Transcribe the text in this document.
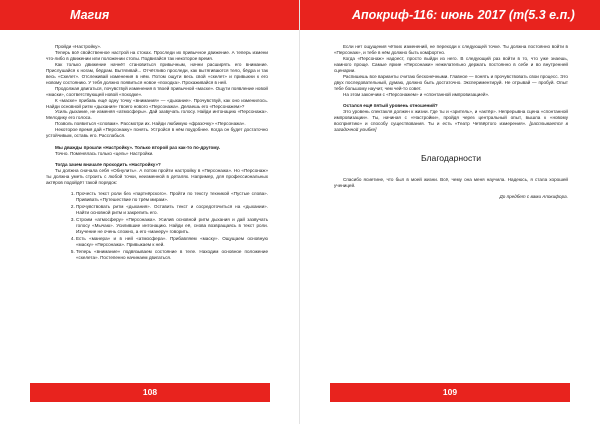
Магия

Пройди «Настройку».

Теперь всё свойственное настрой на стоках. Проследи их привычное движение. А теперь измени что-либо в движении или положении стопы. Подвигайся так некоторое время.

Как только движение начнёт становиться привычным, начни расширять его внимание. Прислушайся к ногам, бёдрам. Вытягивай... Отчётливо проследи, как вытягиваются тело, бёдра и так весь «Скелет». Отслеживай изменения в нём. Потом ощути весь свой «скелет» и привыкни к его новому состоянию. У тебя должно появиться новое «походка». Прохаживайся в ней.

Продолжая двигаться, почувствуй изменения в твоей привычной «маске». Ощути появление новой «маски», соответствующей новой «походке».

К «маске» прибавь ещё одну точку «внимания» — «дыхание». Прочувствуй, как оно изменилось. Найди основной ритм «дыхания» твоего нового «Персонажа». Делаешь его «Персонажем»?

Усиль дыхание, не изменяя «атмосферы». Дай зазвучать голосу. Найди интонацию «Персонажа». Мелодику его голоса.

Позволь появиться «словам». Рассмотри их. Найди любимую «фразочку» «Персонажа».

Некоторое время дай «Персонажу» понять. Устройся в нём поудобнее. Когда он будет достаточно устойчивым, оставь его. Расслабься.

Мы дважды прошли «Настройку». Только второй раз как-то по-другому.

Точно. Поменялась только «цель» Настройки.

Тогда зачем вначале проходить «Настройку»?

Ты должна сначала себя «Обнулить». А потом пройти настройку в «Персонажа». Но «Персонаж» ты должна уметь строить с любой точки, неизменной в деталях. Например, для профессиональных актёров подойдёт такой порядок:

1. Прочесть текст роли без «партнёрского». Пройти по тексту техникой «Пустые слова». Прививать «Путешествие по трём мирам».
2. Прочувствовать ритм «дыхания». Оставить текст и сосредоточиться на «дыхании». Найти основной ритм и закрепить его.
3. Строим «атмосферу» «Персонажа». Усилив основной ритм дыхания и дай зазвучать голосу «Мычаю». Усилившие интонацию. Найди её, снова возвращаясь в текст роли. Изучение не очень сложно, а его «манеру» говорить.
4. Есть «манера» и в ней «атмосфера». Прибавляем «маску». Ощущаем основную «маску» «Персонажа». Привыкаем к ней.
5. Теперь «внимание» подвязываем состояние в теле. Находим основное положение «скелета». Постепенно начинаем двигаться.
108
Апокриф-116: июнь 2017 (т(5.3 е.п.)

Если нет ощущения чётких изменений, не переходи к следующей точке. Ты должна постоянно войти в «Персонаж», и тебе в нём должно быть комфортно.

Когда «Персонаж» надоест, просто выйди из него. В следующий раз войти в то, что уже знаешь, намного проще. Самые яркие «Персонажи» нежелательно держать постоянно в себе и во внутренней сценарии.

Распишешь все варианты считаю бесконечными. Главное — понять и прочувствовать свои процесс. Это двух последовательный, думаю, должно быть достаточно. Экспериментируй. Не отрывай — пробуй. Опыт тебе большому научит, чем чей-то совет.

На этом закончим с «Персонажем» и «спонтанной импровизацией».

Остался ещё пятый уровень отношений?

Это уровень спектакля должен к жизни. Где ты и «зритель», и «актёр». Непрерывна сцена «спонтанной импровизации». Ты, начиная с «Настройки», пройдя через центральный опыт, вышла к «новому восприятию» и способу существования. Ты и есть «Театр Четвёртого измерения». [расплывается в загадочной улыбке]

Благодарности

Спасибо ясиетине, что был в моей жизни. Всё, чему она меня научила. Надеюсь, я стала хорошей ученицей.

До предбет с вами Апокифора.

109
